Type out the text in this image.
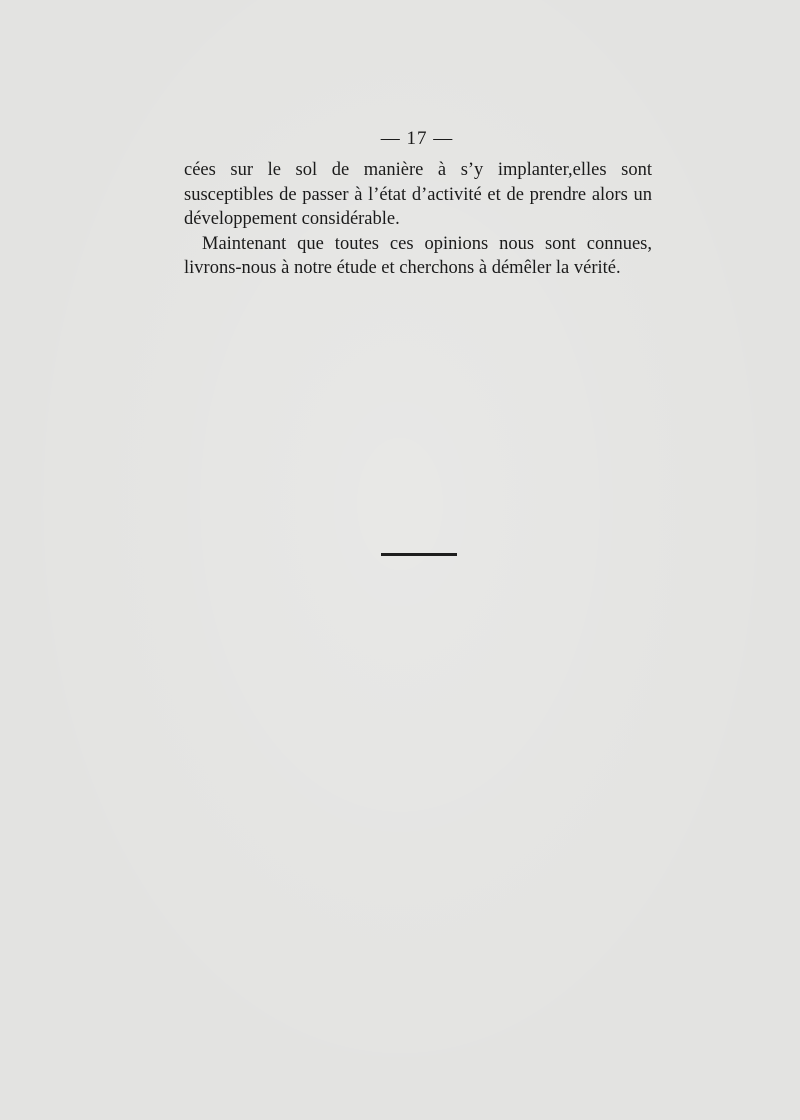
— 17 —

cées sur le sol de manière à s’y implanter,elles sont susceptibles de passer à l’état d’activité et de prendre alors un développement considérable.

Maintenant que toutes ces opinions nous sont connues, livrons-nous à notre étude et cherchons à démêler la vérité.
